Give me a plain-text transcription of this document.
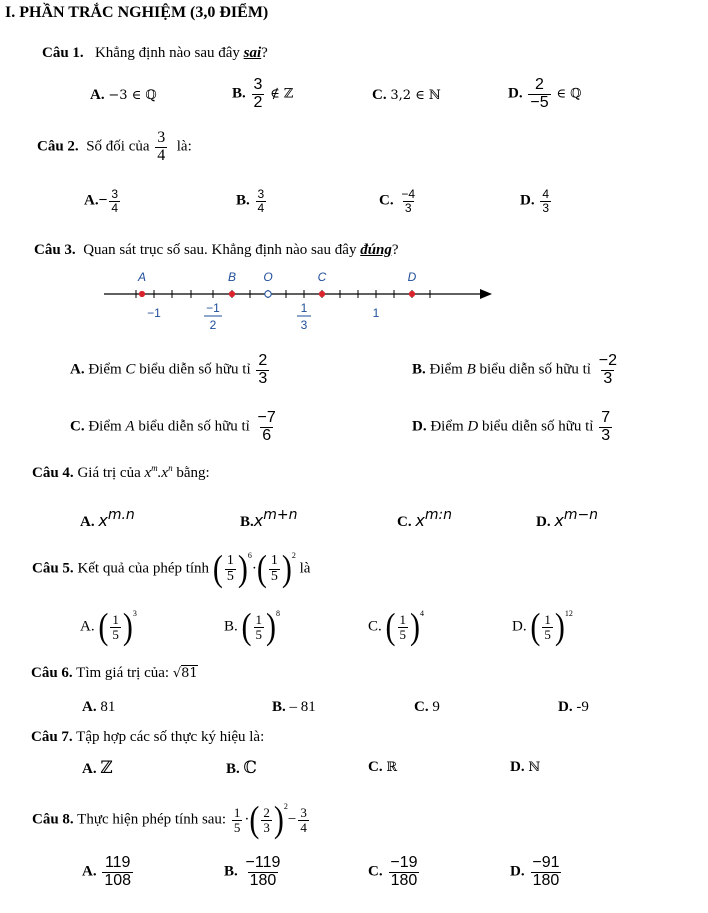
I. PHẦN TRẮC NGHIỆM (3,0 ĐIỂM)
Câu 1. Khẳng định nào sau đây sai?
A. −3 ∈ ℚ	B. $\frac{3}{2}$ ∉ ℤ	C. 3,2 ∈ ℕ	D. $\frac{2}{-5}$ ∈ ℚ
Câu 2. Số đối của $\frac{3}{4}$ là:
$A.- \frac{3}{4}$	B. $\frac{3}{4}$	C. $\frac{-4}{3}$	D. $\frac{4}{3}$
Câu 3. Quan sát trục số sau. Khẳng định nào sau đây đúng?
A	B O	C	D
−1	−1
2
1
3
1
A. Điểm C biểu diễn số hữu tỉ $\frac{2}{3}$	B. Điểm B biểu diễn số hữu tỉ $\frac{-2}{3}$
C. Điểm A biểu diễn số hữu tỉ $\frac{-7}{6}$	D. Điểm D biểu diễn số hữu tỉ $\frac{7}{3}$
Câu 4. Giá trị của $x^m.x^n$ bằng:
A. $x^{m.n}$	$B.x^{m+n}$	C. $x^{m:n}$	D. $x^{m-n}$
Câu 5. Kết quả của phép tính ( $\frac{1}{5} )^6$
· ( $\frac{1}{5} )^2$
là
A. ( $\frac{1}{5} )^3$
B. ( $\frac{1}{5} )^8$
C. ( $\frac{1}{5} )^4$
D. ( $\frac{1}{5} )^{12}$
Câu 6. Tìm giá trị của: √81
A. 81	B. – 81	C. 9	D. -9
Câu 7. Tập hợp các số thực ký hiệu là:
A. ℤ	B. ℂ	C. ℝ	D. ℕ
Câu 8. Thực hiện phép tính sau: $\frac{1}{5}$ · ( $\frac{2}{3} )^2$
− $\frac{3}{4}$
A. $\frac{119}{108}$	B. $\frac{-119}{180}$	C. $\frac{-19}{180}$	D. $\frac{-91}{180}$
